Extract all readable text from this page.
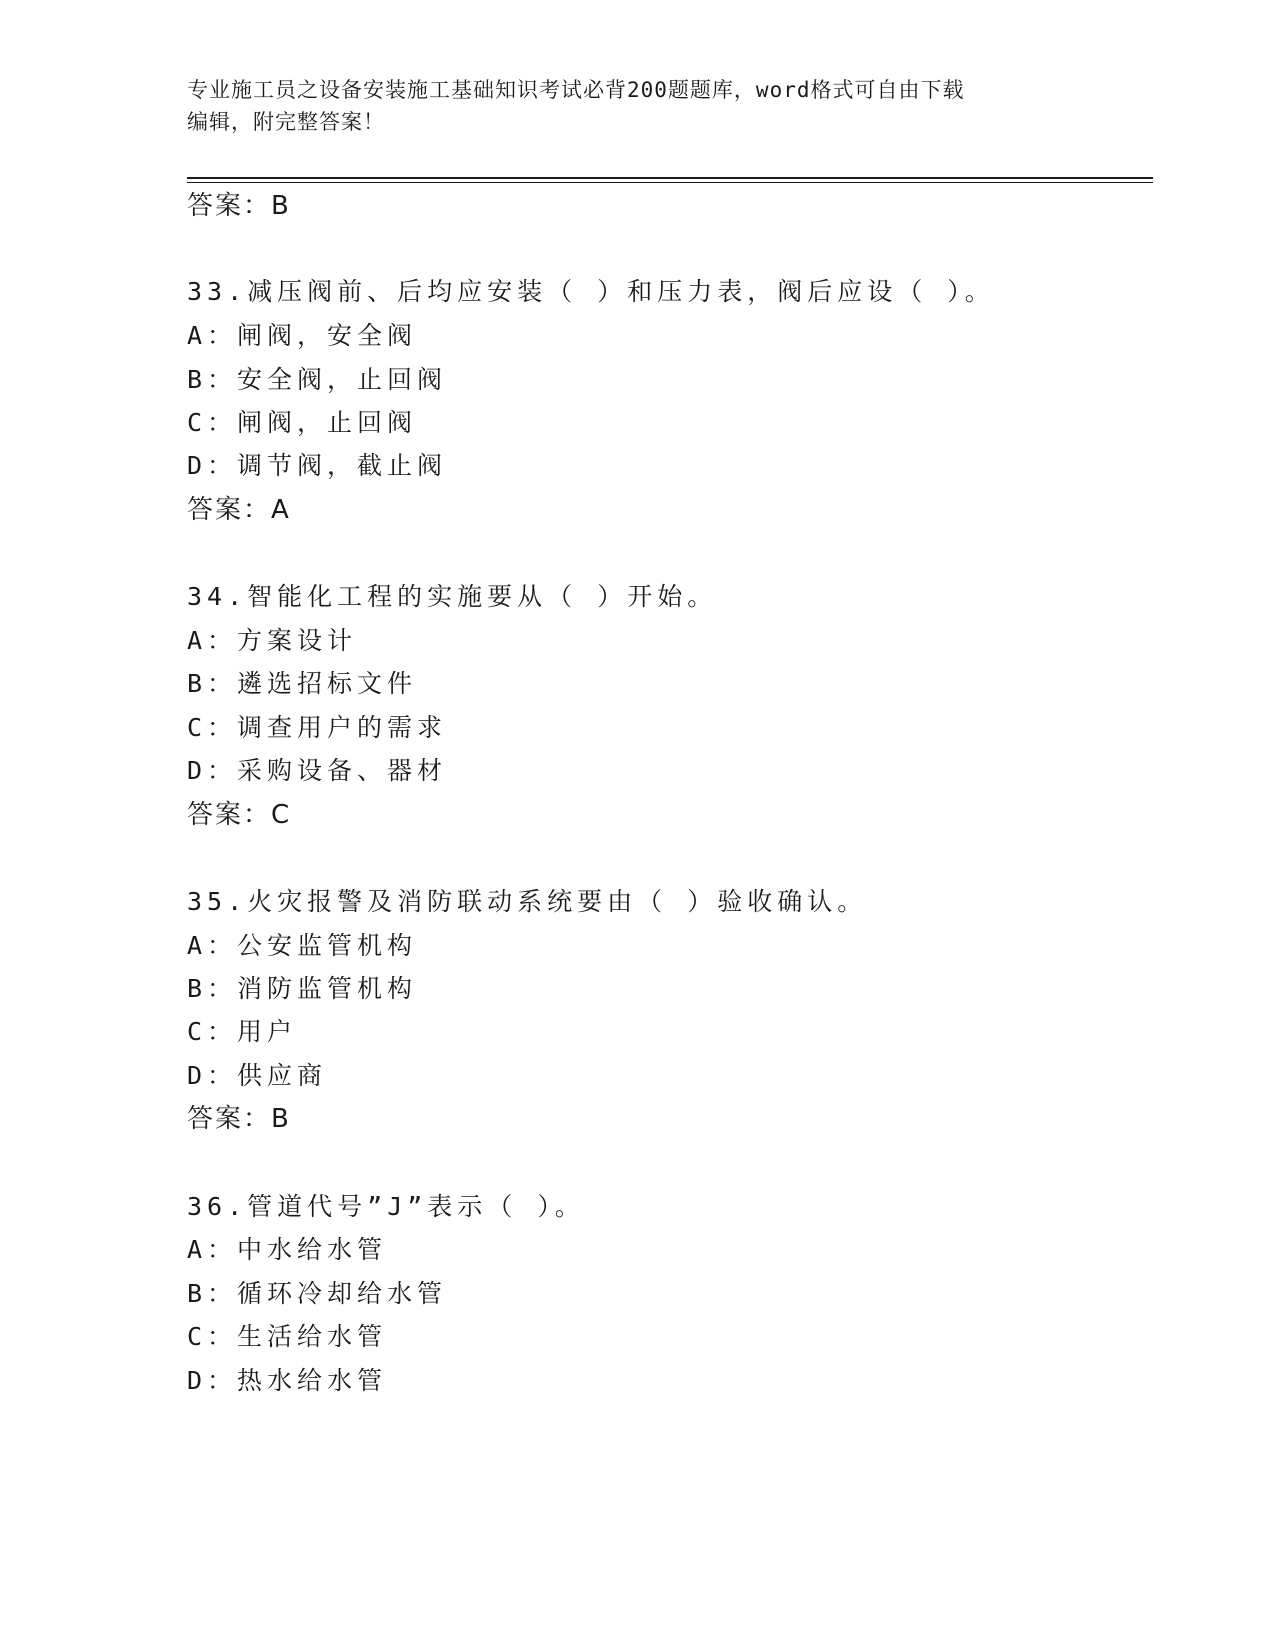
专业施工员之设备安装施工基础知识考试必背200题题库，word格式可自由下载
编辑，附完整答案！
答案：B
33.减压阀前、后均应安装（ ）和压力表，阀后应设（ ）。
A：闸阀，安全阀
B：安全阀，止回阀
C：闸阀，止回阀
D：调节阀，截止阀
答案：A
34.智能化工程的实施要从（ ）开始。
A：方案设计
B：遴选招标文件
C：调查用户的需求
D：采购设备、器材
答案：C
35.火灾报警及消防联动系统要由（ ）验收确认。
A：公安监管机构
B：消防监管机构
C：用户
D：供应商
答案：B
36.管道代号”J”表示（ ）。
A：中水给水管
B：循环冷却给水管
C：生活给水管
D：热水给水管
